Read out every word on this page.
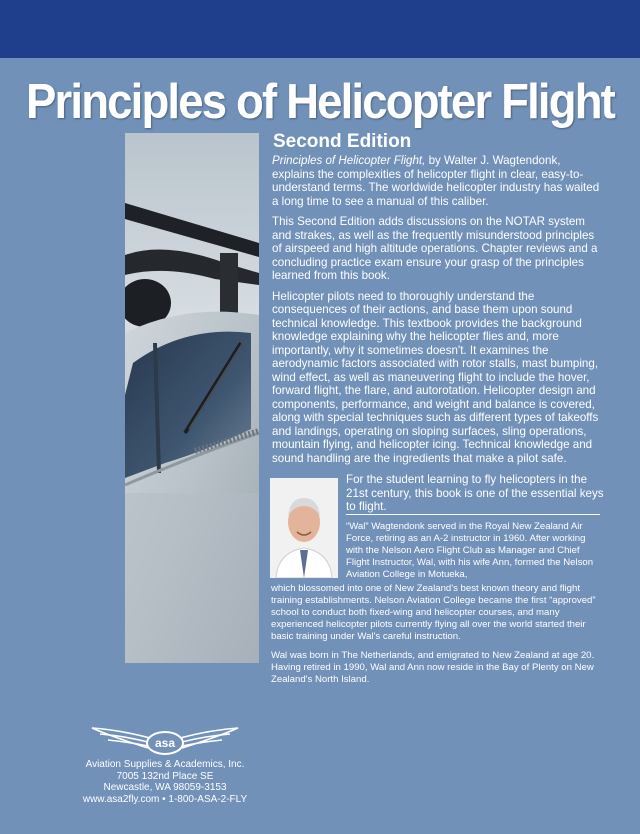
Principles of Helicopter Flight
Second Edition

Principles of Helicopter Flight, by Walter J. Wagtendonk, explains the complexities of helicopter flight in clear, easy-to-understand terms. The worldwide helicopter industry has waited a long time to see a manual of this caliber.

This Second Edition adds discussions on the NOTAR system and strakes, as well as the frequently misunderstood principles of airspeed and high altitude operations. Chapter reviews and a concluding practice exam ensure your grasp of the principles learned from this book.

Helicopter pilots need to thoroughly understand the consequences of their actions, and base them upon sound technical knowledge. This textbook provides the background knowledge explaining why the helicopter flies and, more importantly, why it sometimes doesn't. It examines the aerodynamic factors associated with rotor stalls, mast bumping, wind effect, as well as maneuvering flight to include the hover, forward flight, the flare, and autorotation. Helicopter design and components, performance, and weight and balance is covered, along with special techniques such as different types of takeoffs and landings, operating on sloping surfaces, sling operations, mountain flying, and helicopter icing. Technical knowledge and sound handling are the ingredients that make a pilot safe.

For the student learning to fly helicopters in the 21st century, this book is one of the essential keys to flight.
“Wal” Wagtendonk served in the Royal New Zealand Air Force, retiring as an A-2 instructor in 1960. After working with the Nelson Aero Flight Club as Manager and Chief Flight Instructor, Wal, with his wife Ann, formed the Nelson Aviation College in Motueka,

which blossomed into one of New Zealand's best known theory and flight training establishments. Nelson Aviation College became the first “approved” school to conduct both fixed-wing and helicopter courses, and many experienced helicopter pilots currently flying all over the world started their basic training under Wal's careful instruction.

Wal was born in The Netherlands, and emigrated to New Zealand at age 20. Having retired in 1990, Wal and Ann now reside in the Bay of Plenty on New Zealand's North Island.

asa
Aviation Supplies & Academics, Inc.
7005 132nd Place SE
Newcastle, WA 98059-3153
www.asa2fly.com • 1-800-ASA-2-FLY
